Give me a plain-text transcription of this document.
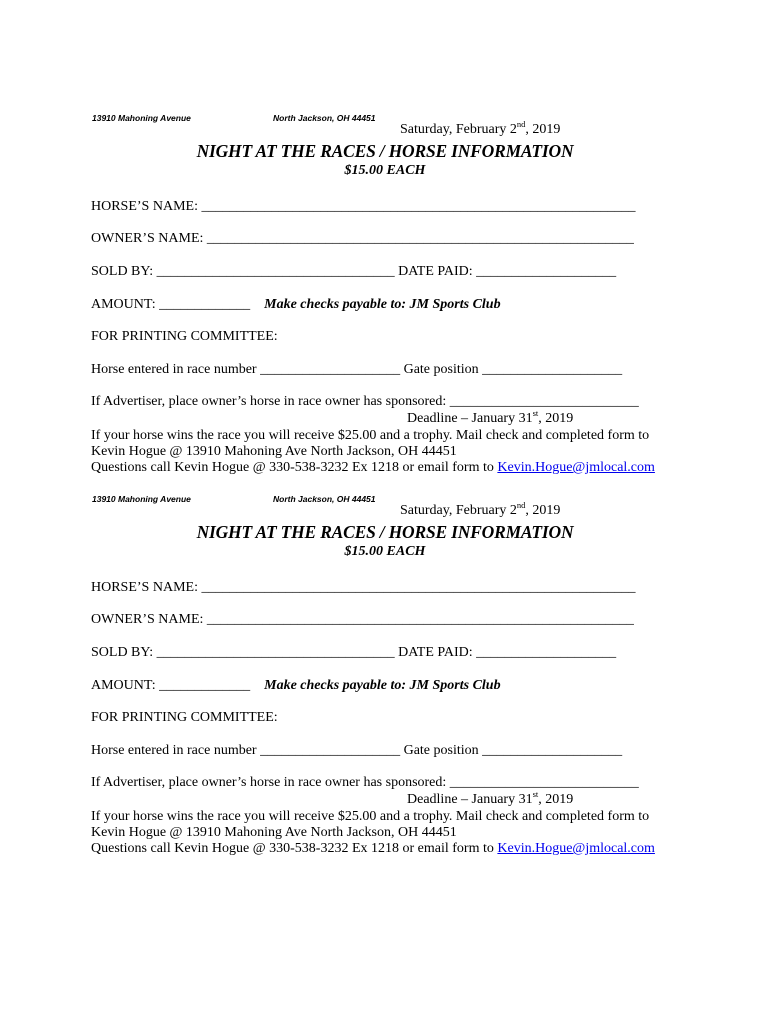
13910 Mahoning Avenue	North Jackson, OH 44451
Saturday, February 2nd, 2019
NIGHT AT THE RACES / HORSE INFORMATION
$15.00 EACH
HORSE’S NAME: ______________________________________________________________
OWNER’S NAME: _____________________________________________________________
SOLD BY: __________________________________ DATE PAID: ____________________
AMOUNT: _____________ Make checks payable to: JM Sports Club
FOR PRINTING COMMITTEE:
Horse entered in race number ____________________ Gate position ____________________
If Advertiser, place owner’s horse in race owner has sponsored: ___________________________
Deadline – January 31st, 2019
If your horse wins the race you will receive $25.00 and a trophy. Mail check and completed form to
Kevin Hogue @ 13910 Mahoning Ave North Jackson, OH 44451
Questions call Kevin Hogue @ 330-538-3232 Ex 1218 or email form to Kevin.Hogue@jmlocal.com
13910 Mahoning Avenue	North Jackson, OH 44451
Saturday, February 2nd, 2019
NIGHT AT THE RACES / HORSE INFORMATION
$15.00 EACH
HORSE’S NAME: ______________________________________________________________
OWNER’S NAME: _____________________________________________________________
SOLD BY: __________________________________ DATE PAID: ____________________
AMOUNT: _____________ Make checks payable to: JM Sports Club
FOR PRINTING COMMITTEE:
Horse entered in race number ____________________ Gate position ____________________
If Advertiser, place owner’s horse in race owner has sponsored: ___________________________
Deadline – January 31st, 2019
If your horse wins the race you will receive $25.00 and a trophy. Mail check and completed form to
Kevin Hogue @ 13910 Mahoning Ave North Jackson, OH 44451
Questions call Kevin Hogue @ 330-538-3232 Ex 1218 or email form to Kevin.Hogue@jmlocal.com
